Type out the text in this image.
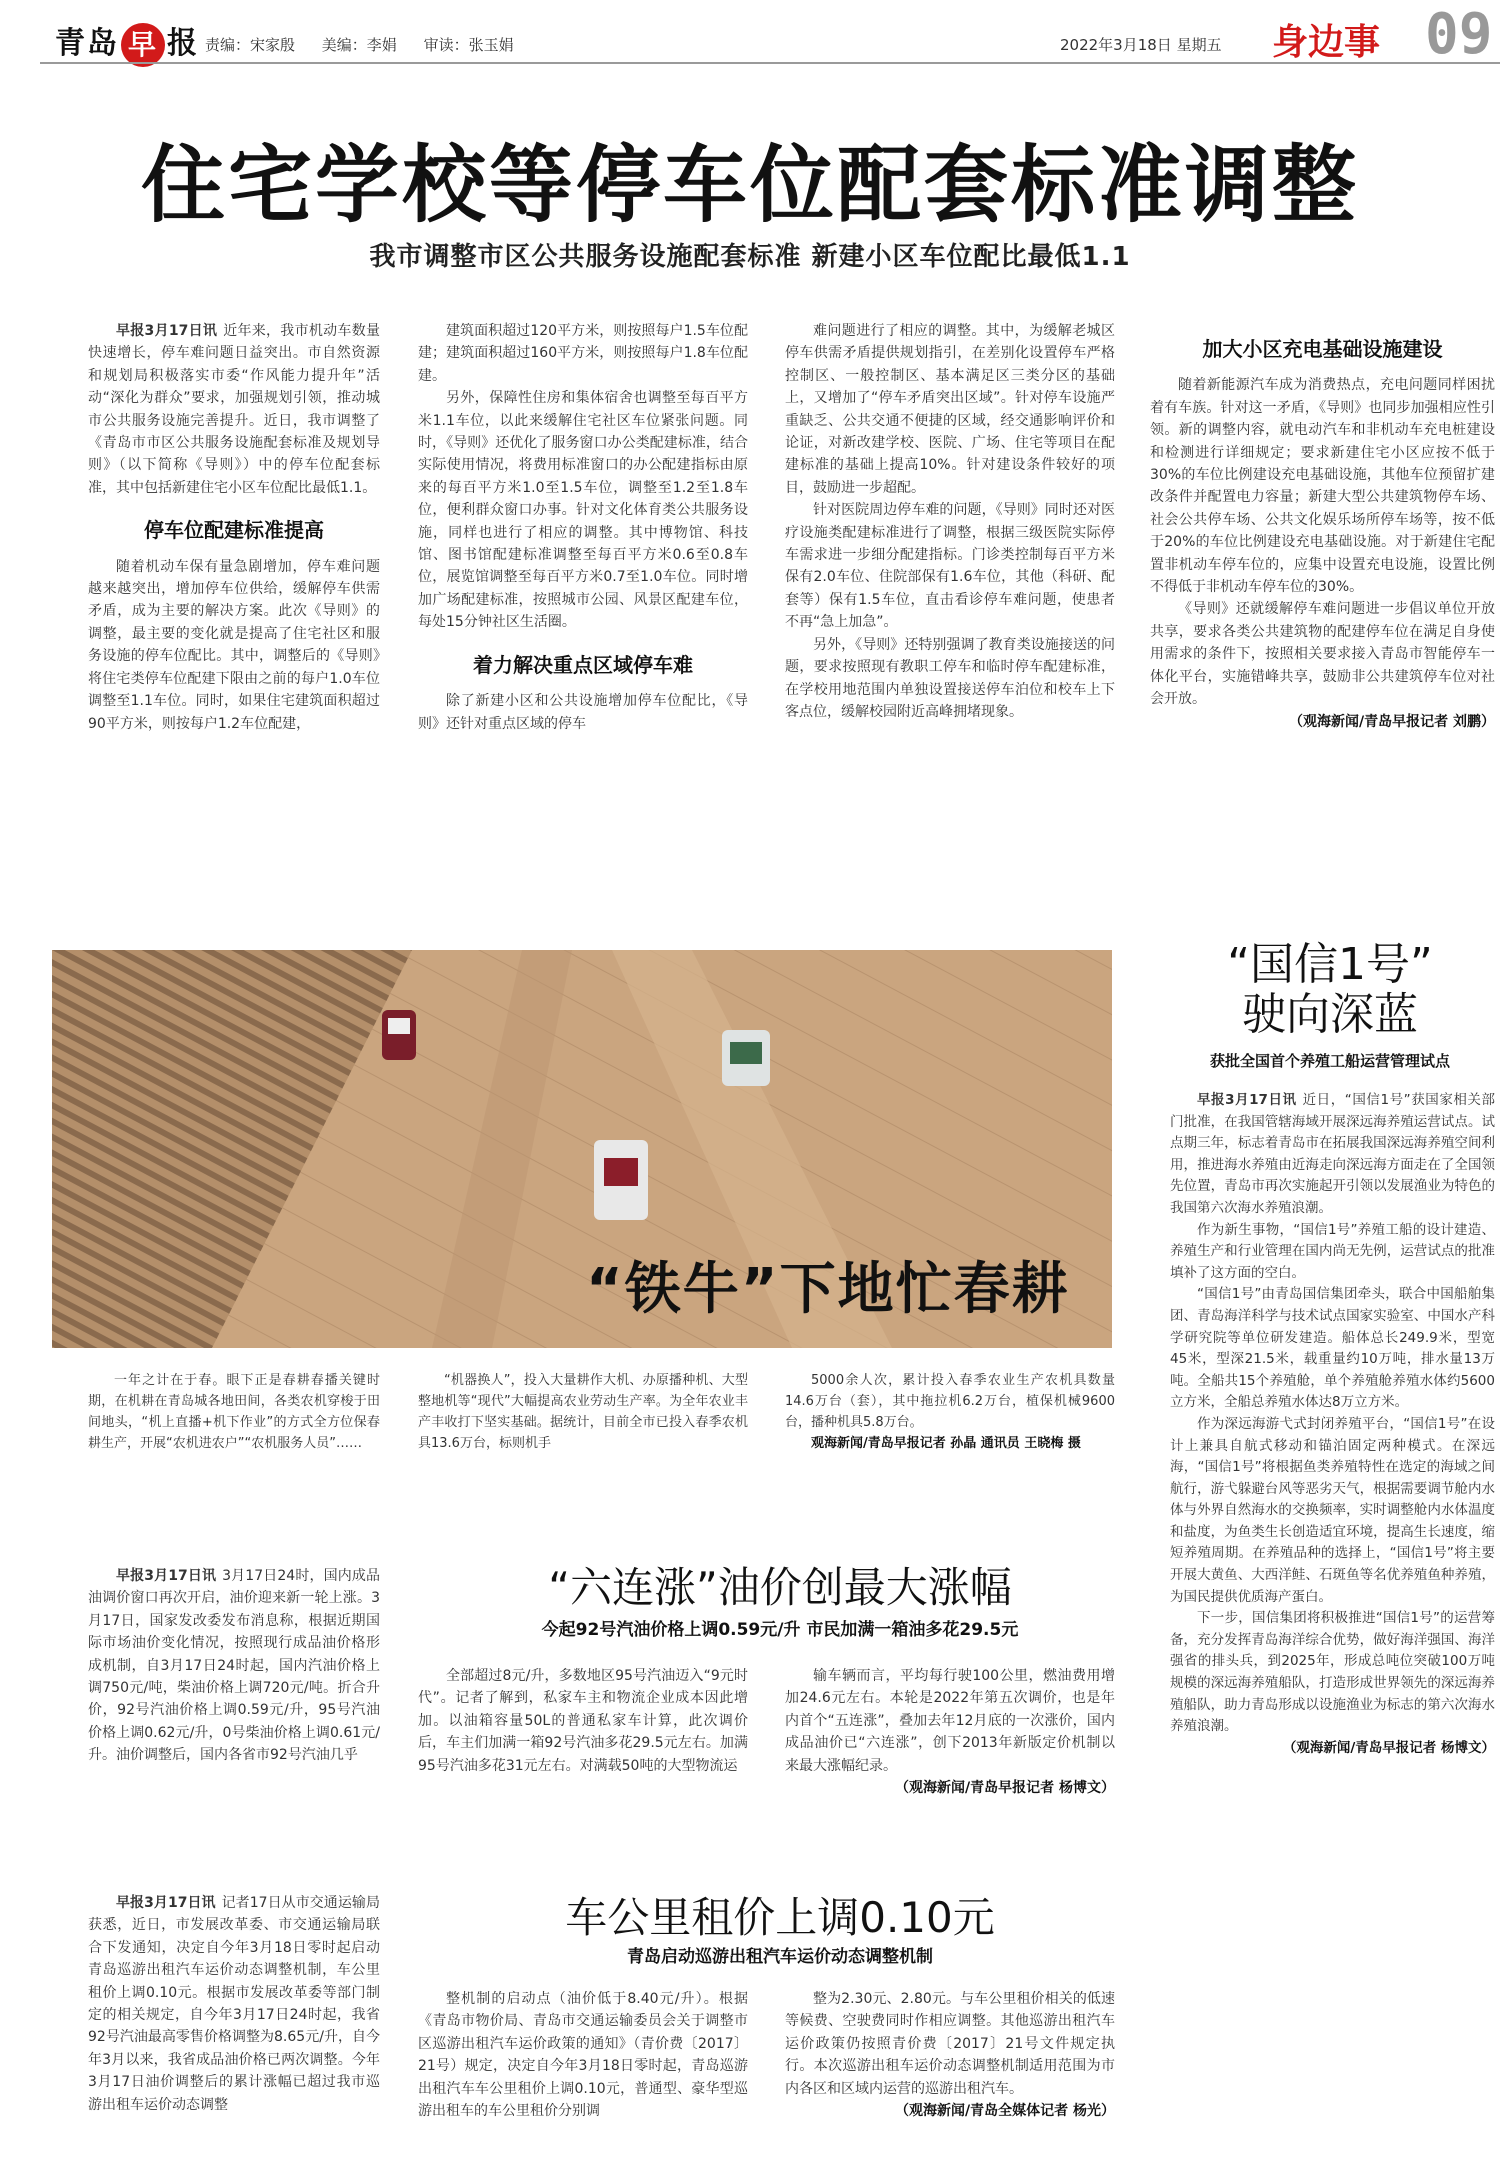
青岛 早 报 责编：宋家殷 美编：李娟 审读：张玉娟	2022年3月18日 星期五 身边事 09
住宅学校等停车位配套标准调整
我市调整市区公共服务设施配套标准 新建小区车位配比最低1.1

早报3月17日讯 近年来，我市机动车数量快速增长，停车难问题日益突出。市自然资源和规划局积极落实市委“作风能力提升年”活动“深化为群众”要求，加强规划引领，推动城市公共服务设施完善提升。近日，我市调整了《青岛市市区公共服务设施配套标准及规划导则》（以下简称《导则》）中的停车位配套标准，其中包括新建住宅小区车位配比最低1.1。

停车位配建标准提高

随着机动车保有量急剧增加，停车难问题越来越突出，增加停车位供给，缓解停车供需矛盾，成为主要的解决方案。此次《导则》的调整，最主要的变化就是提高了住宅社区和服务设施的停车位配比。其中，调整后的《导则》将住宅类停车位配建下限由之前的每户1.0车位调整至1.1车位。同时，如果住宅建筑面积超过90平方米，则按每户1.2车位配建，

建筑面积超过120平方米，则按照每户1.5车位配建；建筑面积超过160平方米，则按照每户1.8车位配建。

另外，保障性住房和集体宿舍也调整至每百平方米1.1车位，以此来缓解住宅社区车位紧张问题。同时，《导则》还优化了服务窗口办公类配建标准，结合实际使用情况，将费用标准窗口的办公配建指标由原来的每百平方米1.0至1.5车位，调整至1.2至1.8车位，便利群众窗口办事。针对文化体育类公共服务设施，同样也进行了相应的调整。其中博物馆、科技馆、图书馆配建标准调整至每百平方米0.6至0.8车位，展览馆调整至每百平方米0.7至1.0车位。同时增加广场配建标准，按照城市公园、风景区配建车位，每处15分钟社区生活圈。

着力解决重点区域停车难

除了新建小区和公共设施增加停车位配比，《导则》还针对重点区域的停车

难问题进行了相应的调整。其中，为缓解老城区停车供需矛盾提供规划指引，在差别化设置停车严格控制区、一般控制区、基本满足区三类分区的基础上，又增加了“停车矛盾突出区域”。针对停车设施严重缺乏、公共交通不便捷的区域，经交通影响评价和论证，对新改建学校、医院、广场、住宅等项目在配建标准的基础上提高10%。针对建设条件较好的项目，鼓励进一步超配。

针对医院周边停车难的问题，《导则》同时还对医疗设施类配建标准进行了调整，根据三级医院实际停车需求进一步细分配建指标。门诊类控制每百平方米保有2.0车位、住院部保有1.6车位，其他（科研、配套等）保有1.5车位，直击看诊停车难问题，使患者不再“急上加急”。

另外，《导则》还特别强调了教育类设施接送的问题，要求按照现有教职工停车和临时停车配建标准，在学校用地范围内单独设置接送停车泊位和校车上下客点位，缓解校园附近高峰拥堵现象。

加大小区充电基础设施建设

随着新能源汽车成为消费热点，充电问题同样困扰着有车族。针对这一矛盾，《导则》也同步加强相应性引领。新的调整内容，就电动汽车和非机动车充电桩建设和检测进行详细规定；要求新建住宅小区应按不低于30%的车位比例建设充电基础设施，其他车位预留扩建改条件并配置电力容量；新建大型公共建筑物停车场、社会公共停车场、公共文化娱乐场所停车场等，按不低于20%的车位比例建设充电基础设施。对于新建住宅配置非机动车停车位的，应集中设置充电设施，设置比例不得低于非机动车停车位的30%。

《导则》还就缓解停车难问题进一步倡议单位开放共享，要求各类公共建筑物的配建停车位在满足自身使用需求的条件下，按照相关要求接入青岛市智能停车一体化平台，实施错峰共享，鼓励非公共建筑停车位对社会开放。

（观海新闻/青岛早报记者 刘鹏）

“铁牛”下地忙春耕

一年之计在于春。眼下正是春耕春播关键时期，在机耕在青岛城各地田间，各类农机穿梭于田间地头，“机上直播+机下作业”的方式全方位保春耕生产，开展“农机进农户”“农机服务人员”……

“机器换人”，投入大量耕作大机、办原播种机、大型整地机等“现代”大幅提高农业劳动生产率。为全年农业丰产丰收打下坚实基础。据统计，目前全市已投入春季农机具13.6万台，标则机手

5000余人次，累计投入春季农业生产农机具数量14.6万台（套），其中拖拉机6.2万台，植保机械9600台，播种机具5.8万台。

观海新闻/青岛早报记者 孙晶 通讯员 王晓梅 摄

“国信1号”
驶向深蓝
获批全国首个养殖工船运营管理试点

早报3月17日讯 近日，“国信1号”获国家相关部门批准，在我国管辖海域开展深远海养殖运营试点。试点期三年，标志着青岛市在拓展我国深远海养殖空间利用，推进海水养殖由近海走向深远海方面走在了全国领先位置，青岛市再次实施起开引领以发展渔业为特色的我国第六次海水养殖浪潮。

作为新生事物，“国信1号”养殖工船的设计建造、养殖生产和行业管理在国内尚无先例，运营试点的批准填补了这方面的空白。

“国信1号”由青岛国信集团牵头，联合中国船舶集团、青岛海洋科学与技术试点国家实验室、中国水产科学研究院等单位研发建造。船体总长249.9米，型宽45米，型深21.5米，载重量约10万吨，排水量13万吨。全船共15个养殖舱，单个养殖舱养殖水体约5600立方米，全船总养殖水体达8万立方米。

作为深远海游弋式封闭养殖平台，“国信1号”在设计上兼具自航式移动和锚泊固定两种模式。在深远海，“国信1号”将根据鱼类养殖特性在选定的海域之间航行，游弋躲避台风等恶劣天气，根据需要调节舱内水体与外界自然海水的交换频率，实时调整舱内水体温度和盐度，为鱼类生长创造适宜环境，提高生长速度，缩短养殖周期。在养殖品种的选择上，“国信1号”将主要开展大黄鱼、大西洋鲑、石斑鱼等名优养殖鱼种养殖，为国民提供优质海产蛋白。

下一步，国信集团将积极推进“国信1号”的运营筹备，充分发挥青岛海洋综合优势，做好海洋强国、海洋强省的排头兵，到2025年，形成总吨位突破100万吨规模的深远海养殖船队，打造形成世界领先的深远海养殖船队，助力青岛形成以设施渔业为标志的第六次海水养殖浪潮。

（观海新闻/青岛早报记者 杨博文）

“六连涨”油价创最大涨幅
今起92号汽油价格上调0.59元/升 市民加满一箱油多花29.5元

早报3月17日讯 3月17日24时，国内成品油调价窗口再次开启，油价迎来新一轮上涨。3月17日，国家发改委发布消息称，根据近期国际市场油价变化情况，按照现行成品油价格形成机制，自3月17日24时起，国内汽油价格上调750元/吨，柴油价格上调720元/吨。折合升价，92号汽油价格上调0.59元/升，95号汽油价格上调0.62元/升，0号柴油价格上调0.61元/升。油价调整后，国内各省市92号汽油几乎

全部超过8元/升，多数地区95号汽油迈入“9元时代”。记者了解到，私家车主和物流企业成本因此增加。以油箱容量50L的普通私家车计算，此次调价后，车主们加满一箱92号汽油多花29.5元左右。加满95号汽油多花31元左右。对满载50吨的大型物流运

输车辆而言，平均每行驶100公里，燃油费用增加24.6元左右。本轮是2022年第五次调价，也是年内首个“五连涨”，叠加去年12月底的一次涨价，国内成品油价已“六连涨”，创下2013年新版定价机制以来最大涨幅纪录。

（观海新闻/青岛早报记者 杨博文）

车公里租价上调0.10元
青岛启动巡游出租汽车运价动态调整机制

早报3月17日讯 记者17日从市交通运输局获悉，近日，市发展改革委、市交通运输局联合下发通知，决定自今年3月18日零时起启动青岛巡游出租汽车运价动态调整机制，车公里租价上调0.10元。根据市发展改革委等部门制定的相关规定，自今年3月17日24时起，我省92号汽油最高零售价格调整为8.65元/升，自今年3月以来，我省成品油价格已两次调整。今年3月17日油价调整后的累计涨幅已超过我市巡游出租车运价动态调整

整机制的启动点（油价低于8.40元/升）。根据《青岛市物价局、青岛市交通运输委员会关于调整市区巡游出租汽车运价政策的通知》（青价费〔2017〕21号）规定，决定自今年3月18日零时起，青岛巡游出租汽车车公里租价上调0.10元，普通型、豪华型巡游出租车的车公里租价分别调

整为2.30元、2.80元。与车公里租价相关的低速等候费、空驶费同时作相应调整。其他巡游出租汽车运价政策仍按照青价费〔2017〕21号文件规定执行。本次巡游出租车运价动态调整机制适用范围为市内各区和区域内运营的巡游出租汽车。

（观海新闻/青岛全媒体记者 杨光）
